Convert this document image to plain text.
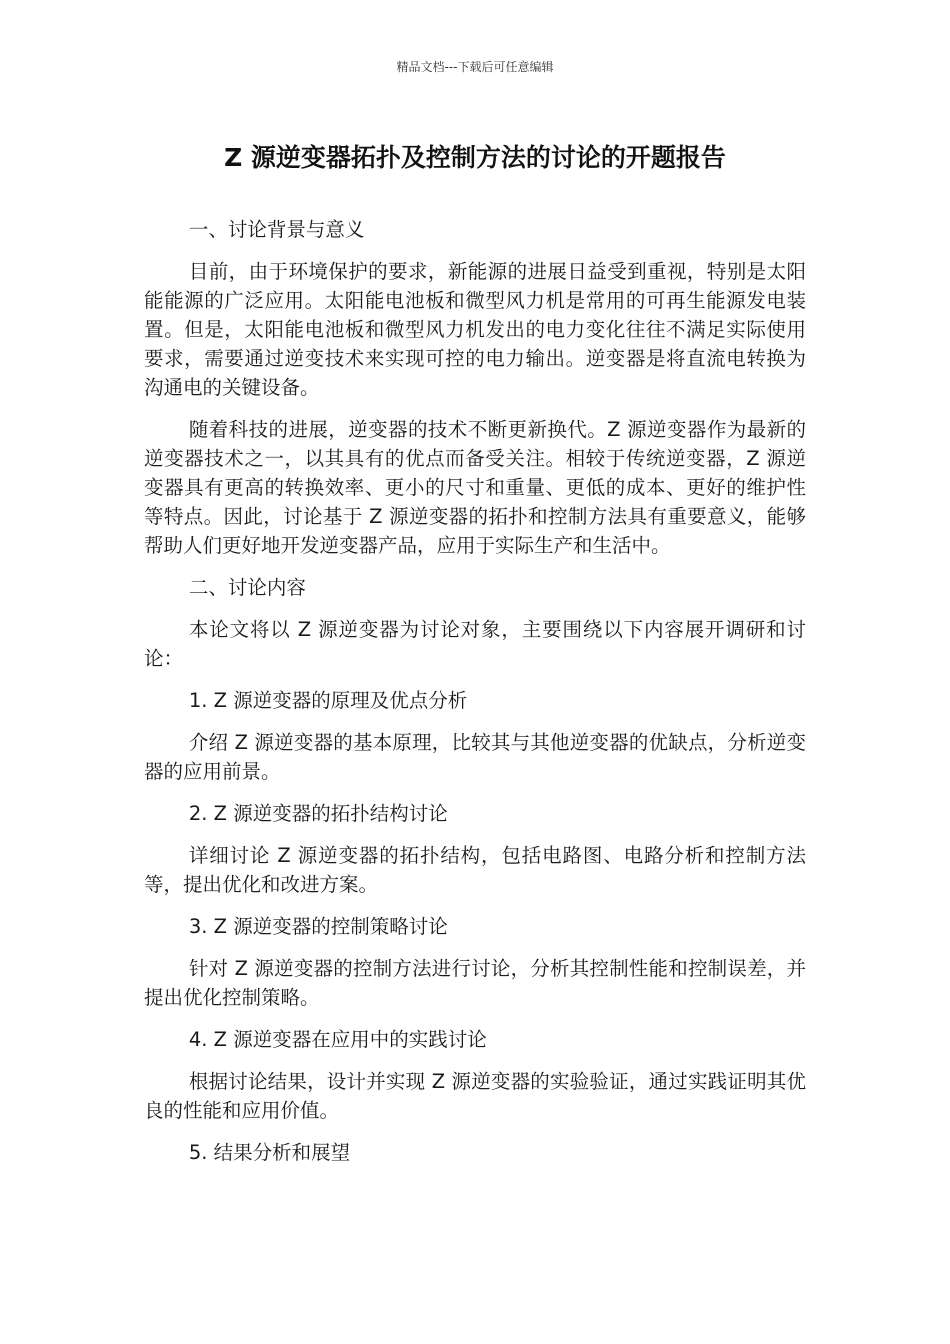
精品文档---下载后可任意编辑
Z 源逆变器拓扑及控制方法的讨论的开题报告

一、讨论背景与意义

目前，由于环境保护的要求，新能源的进展日益受到重视，特别是太阳能能源的广泛应用。太阳能电池板和微型风力机是常用的可再生能源发电装置。但是，太阳能电池板和微型风力机发出的电力变化往往不满足实际使用要求，需要通过逆变技术来实现可控的电力输出。逆变器是将直流电转换为沟通电的关键设备。

随着科技的进展，逆变器的技术不断更新换代。Z 源逆变器作为最新的逆变器技术之一，以其具有的优点而备受关注。相较于传统逆变器，Z 源逆变器具有更高的转换效率、更小的尺寸和重量、更低的成本、更好的维护性等特点。因此，讨论基于 Z 源逆变器的拓扑和控制方法具有重要意义，能够帮助人们更好地开发逆变器产品，应用于实际生产和生活中。

二、讨论内容

本论文将以 Z 源逆变器为讨论对象，主要围绕以下内容展开调研和讨论：

1. Z 源逆变器的原理及优点分析

介绍 Z 源逆变器的基本原理，比较其与其他逆变器的优缺点，分析逆变器的应用前景。

2. Z 源逆变器的拓扑结构讨论

详细讨论 Z 源逆变器的拓扑结构，包括电路图、电路分析和控制方法等，提出优化和改进方案。

3. Z 源逆变器的控制策略讨论

针对 Z 源逆变器的控制方法进行讨论，分析其控制性能和控制误差，并提出优化控制策略。

4. Z 源逆变器在应用中的实践讨论

根据讨论结果，设计并实现 Z 源逆变器的实验验证，通过实践证明其优良的性能和应用价值。

5. 结果分析和展望
